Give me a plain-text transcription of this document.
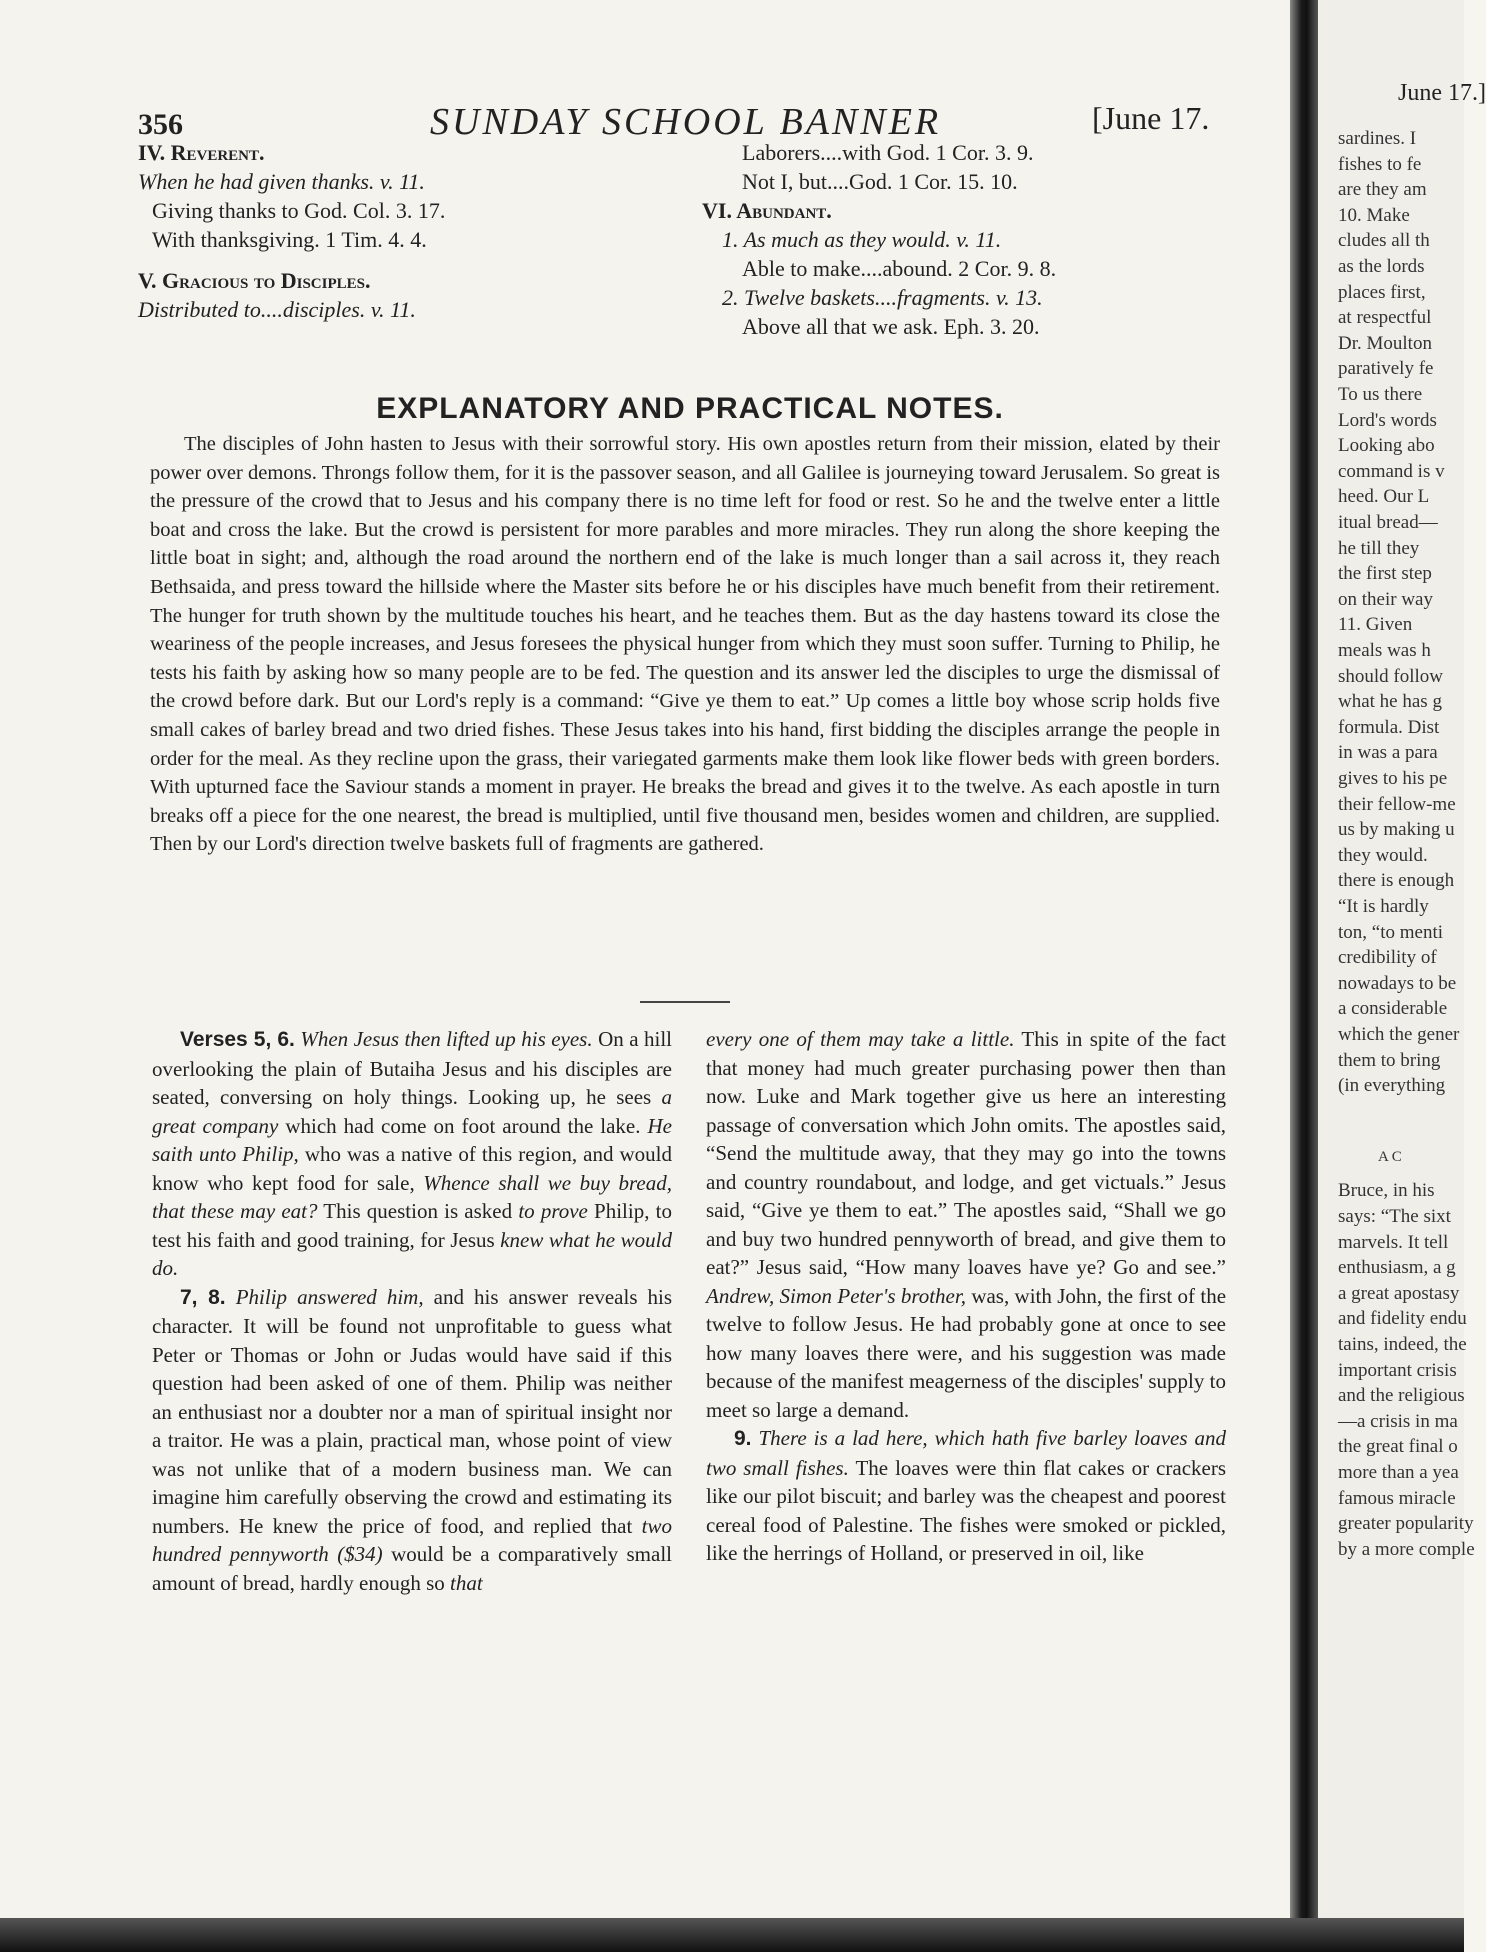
June 17.]
sardines. I
fishes to fe
are they am
10. Make
cludes all th
as the lords
places first,
at respectful
Dr. Moulton
paratively fe
To us there
Lord's words
Looking abo
command is v
heed. Our L
itual bread—
he till they
the first step
on their way
11. Given
meals was h
should follow
what he has g
formula. Dist
in was a para
gives to his pe
their fellow-me
us by making u
they would.
there is enough
“It is hardly
ton, “to menti
credibility of
nowadays to be
a considerable
which the gener
them to bring
(in everything
A C
Bruce, in his
says: “The sixt
marvels. It tell
enthusiasm, a g
a great apostasy
and fidelity endu
tains, indeed, the
important crisis
and the religious
—a crisis in ma
the great final o
more than a yea
famous miracle
greater popularity
by a more comple
356	SUNDAY SCHOOL BANNER	[June 17.
IV. Reverent.
When he had given thanks. v. 11.
Giving thanks to God. Col. 3. 17.
With thanksgiving. 1 Tim. 4. 4.
V. Gracious to Disciples.
Distributed to....disciples. v. 11.
Laborers....with God. 1 Cor. 3. 9.
Not I, but....God. 1 Cor. 15. 10.
VI. Abundant.
1. As much as they would. v. 11.
Able to make....abound. 2 Cor. 9. 8.
2. Twelve baskets....fragments. v. 13.
Above all that we ask. Eph. 3. 20.
EXPLANATORY AND PRACTICAL NOTES.
The disciples of John hasten to Jesus with their sorrowful story. His own apostles return from their mission, elated by their power over demons. Throngs follow them, for it is the passover season, and all Galilee is journeying toward Jerusalem. So great is the pressure of the crowd that to Jesus and his company there is no time left for food or rest. So he and the twelve enter a little boat and cross the lake. But the crowd is persistent for more parables and more miracles. They run along the shore keeping the little boat in sight; and, although the road around the northern end of the lake is much longer than a sail across it, they reach Bethsaida, and press toward the hillside where the Master sits before he or his disciples have much benefit from their retirement. The hunger for truth shown by the multitude touches his heart, and he teaches them. But as the day hastens toward its close the weariness of the people increases, and Jesus foresees the physical hunger from which they must soon suffer. Turning to Philip, he tests his faith by asking how so many people are to be fed. The question and its answer led the disciples to urge the dismissal of the crowd before dark. But our Lord's reply is a command: “Give ye them to eat.” Up comes a little boy whose scrip holds five small cakes of barley bread and two dried fishes. These Jesus takes into his hand, first bidding the disciples arrange the people in order for the meal. As they recline upon the grass, their variegated garments make them look like flower beds with green borders. With upturned face the Saviour stands a moment in prayer. He breaks the bread and gives it to the twelve. As each apostle in turn breaks off a piece for the one nearest, the bread is multiplied, until five thousand men, besides women and children, are supplied. Then by our Lord's direction twelve baskets full of fragments are gathered.

Verses 5, 6. When Jesus then lifted up his eyes. On a hill overlooking the plain of Butaiha Jesus and his disciples are seated, conversing on holy things. Looking up, he sees a great company which had come on foot around the lake. He saith unto Philip, who was a native of this region, and would know who kept food for sale, Whence shall we buy bread, that these may eat? This question is asked to prove Philip, to test his faith and good training, for Jesus knew what he would do.

7, 8. Philip answered him, and his answer reveals his character. It will be found not unprofitable to guess what Peter or Thomas or John or Judas would have said if this question had been asked of one of them. Philip was neither an enthusiast nor a doubter nor a man of spiritual insight nor a traitor. He was a plain, practical man, whose point of view was not unlike that of a modern business man. We can imagine him carefully observing the crowd and estimating its numbers. He knew the price of food, and replied that two hundred pennyworth ($34) would be a comparatively small amount of bread, hardly enough so that

every one of them may take a little. This in spite of the fact that money had much greater purchasing power then than now. Luke and Mark together give us here an interesting passage of conversation which John omits. The apostles said, “Send the multitude away, that they may go into the towns and country roundabout, and lodge, and get victuals.” Jesus said, “Give ye them to eat.” The apostles said, “Shall we go and buy two hundred pennyworth of bread, and give them to eat?” Jesus said, “How many loaves have ye? Go and see.” Andrew, Simon Peter's brother, was, with John, the first of the twelve to follow Jesus. He had probably gone at once to see how many loaves there were, and his suggestion was made because of the manifest meagerness of the disciples' supply to meet so large a demand.

9. There is a lad here, which hath five barley loaves and two small fishes. The loaves were thin flat cakes or crackers like our pilot biscuit; and barley was the cheapest and poorest cereal food of Palestine. The fishes were smoked or pickled, like the herrings of Holland, or preserved in oil, like
